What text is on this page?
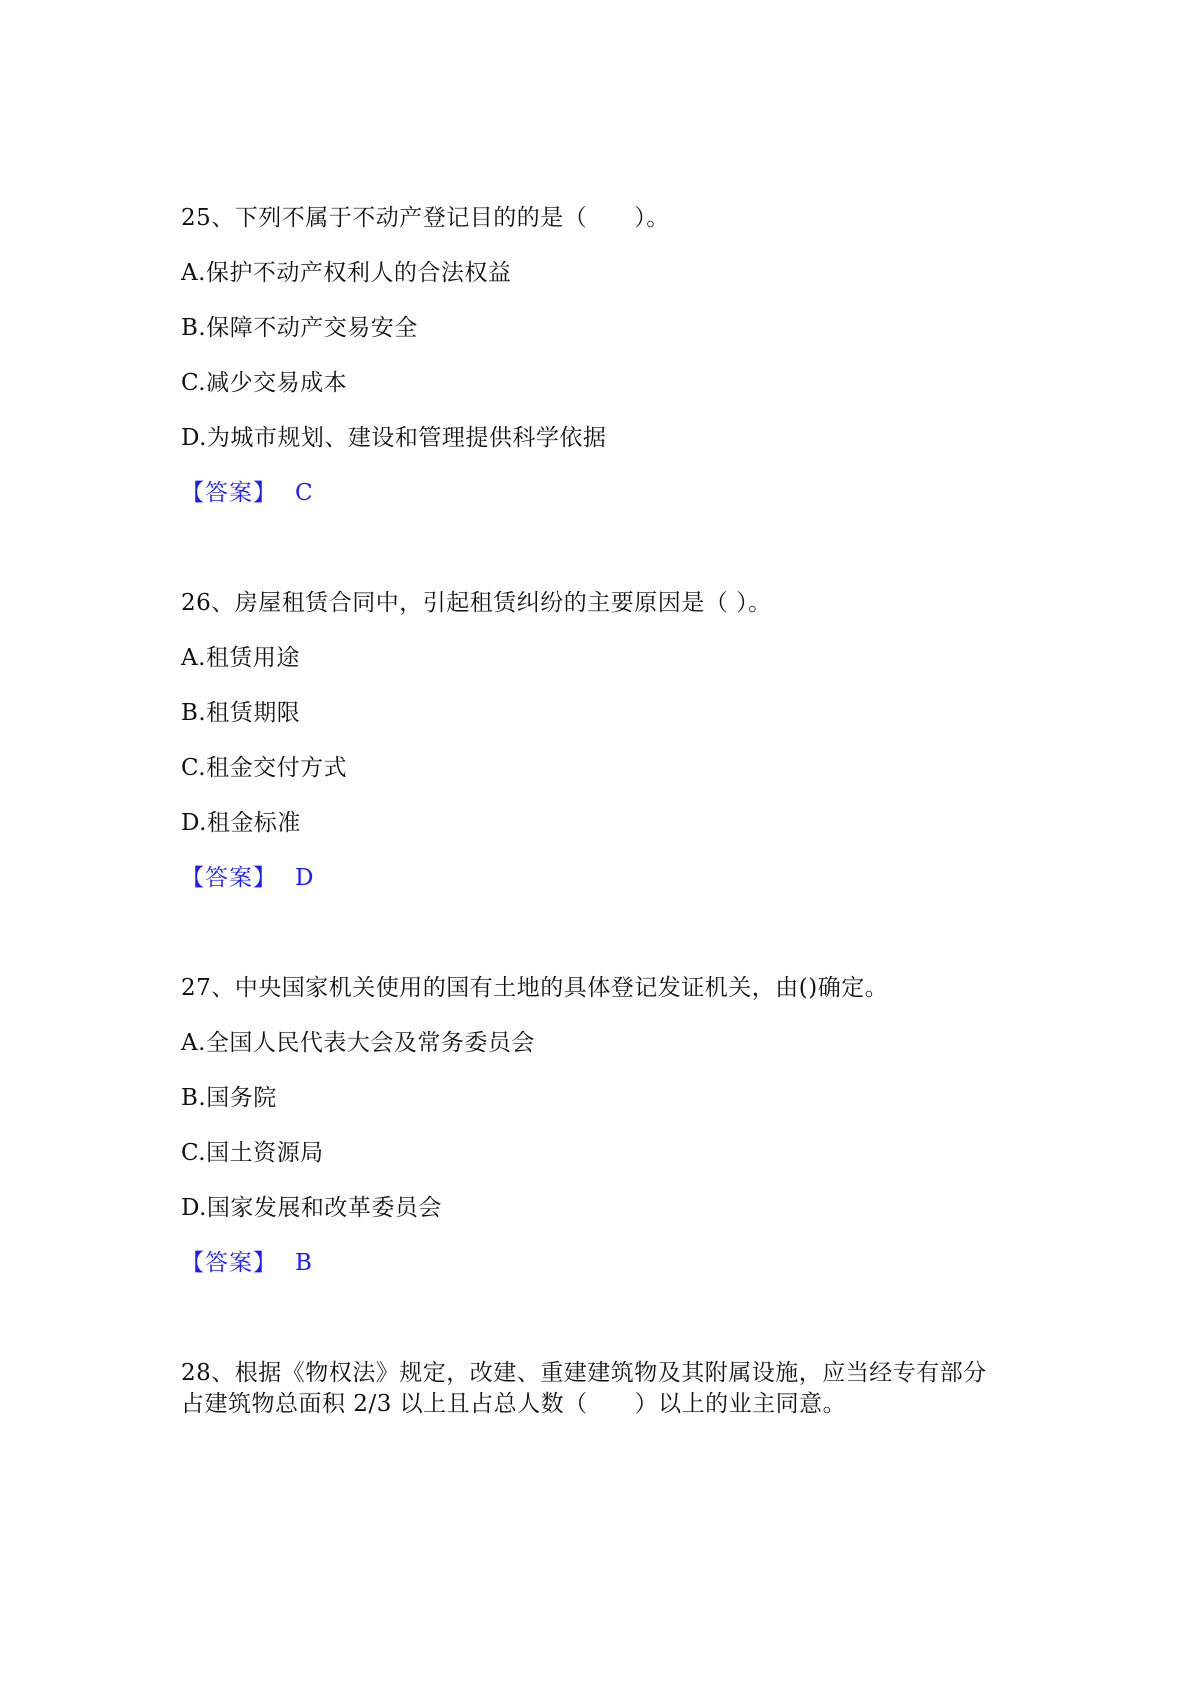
25、下列不属于不动产登记目的的是（　　）。
A.保护不动产权利人的合法权益
B.保障不动产交易安全
C.减少交易成本
D.为城市规划、建设和管理提供科学依据
【答案】 C
26、房屋租赁合同中，引起租赁纠纷的主要原因是（ ）。
A.租赁用途
B.租赁期限
C.租金交付方式
D.租金标准
【答案】 D
27、中央国家机关使用的国有土地的具体登记发证机关，由()确定。
A.全国人民代表大会及常务委员会
B.国务院
C.国土资源局
D.国家发展和改革委员会
【答案】 B
28、根据《物权法》规定，改建、重建建筑物及其附属设施，应当经专有部分
占建筑物总面积 2/3 以上且占总人数（　　）以上的业主同意。
